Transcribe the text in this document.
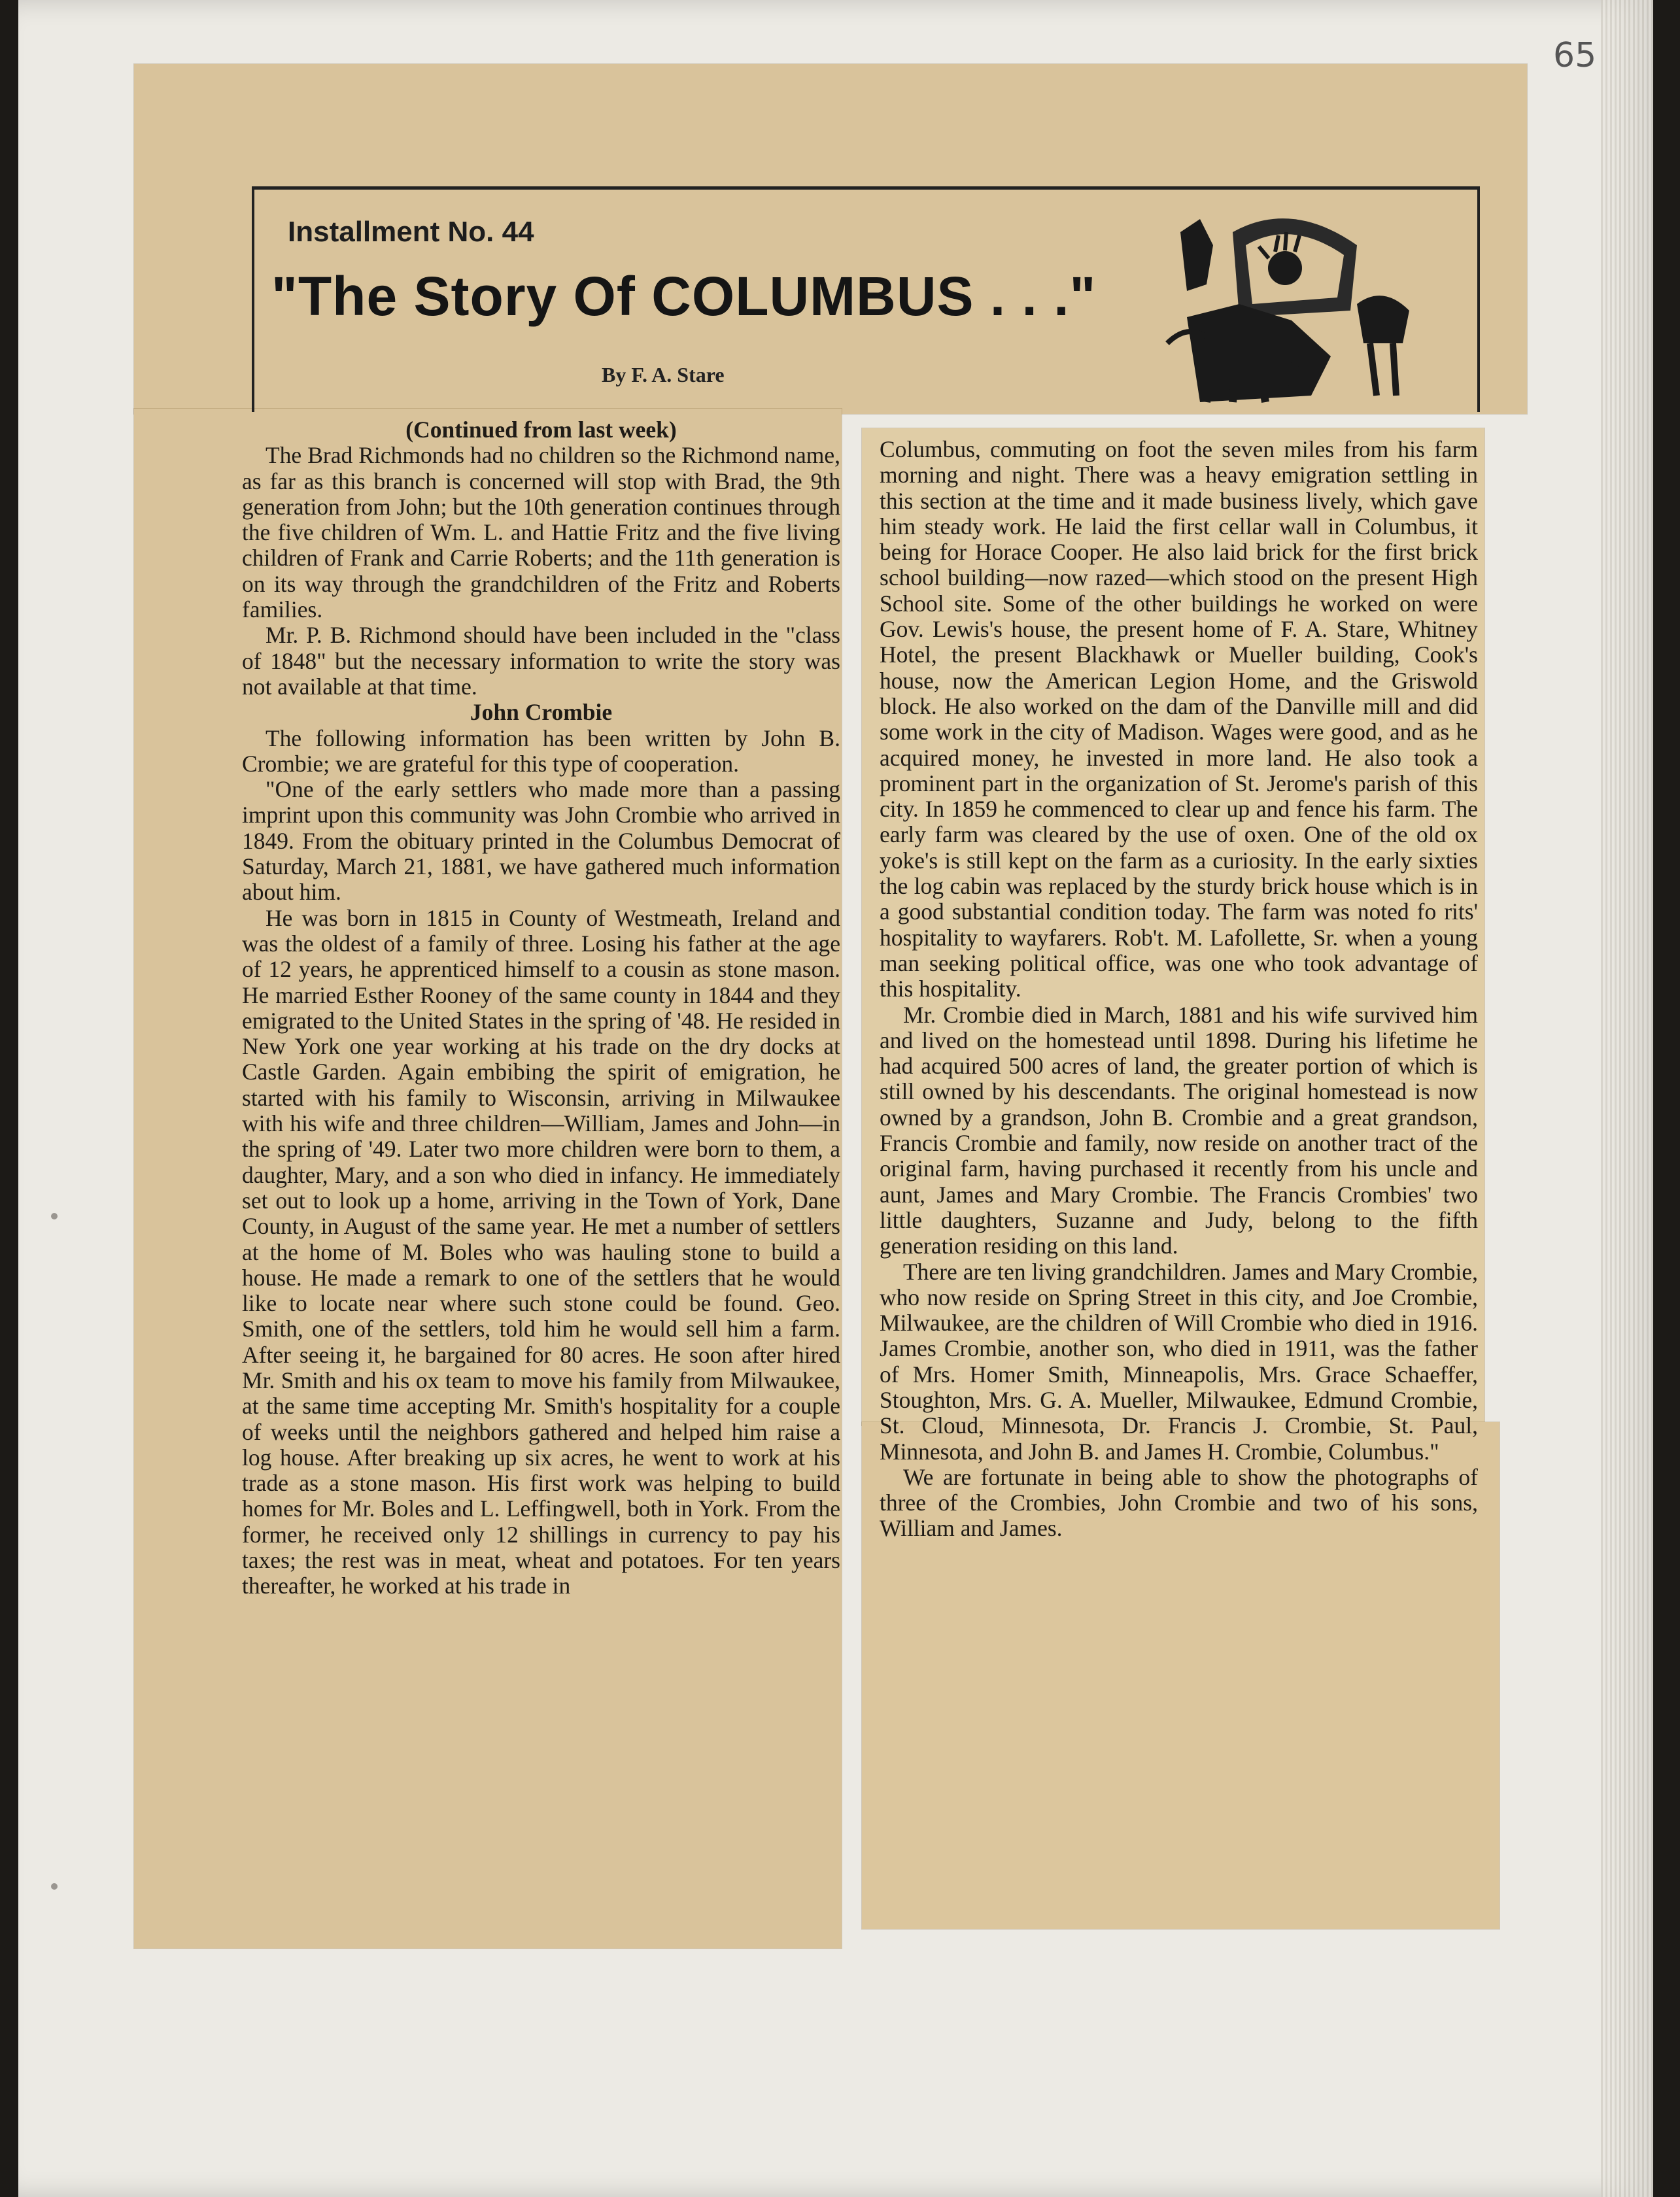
65
Installment No. 44
"The Story Of COLUMBUS . . ."
By F. A. Stare

(Continued from last week)

The Brad Richmonds had no children so the Richmond name, as far as this branch is concerned will stop with Brad, the 9th generation from John; but the 10th generation continues through the five children of Wm. L. and Hattie Fritz and the five living children of Frank and Carrie Roberts; and the 11th generation is on its way through the grandchildren of the Fritz and Roberts families.

Mr. P. B. Richmond should have been included in the "class of 1848" but the necessary information to write the story was not available at that time.

John Crombie

The following information has been written by John B. Crombie; we are grateful for this type of cooperation.

"One of the early settlers who made more than a passing imprint upon this community was John Crombie who arrived in 1849. From the obituary printed in the Columbus Democrat of Saturday, March 21, 1881, we have gathered much information about him.

He was born in 1815 in County of Westmeath, Ireland and was the oldest of a family of three. Losing his father at the age of 12 years, he apprenticed himself to a cousin as stone mason. He married Esther Rooney of the same county in 1844 and they emigrated to the United States in the spring of '48. He resided in New York one year working at his trade on the dry docks at Castle Garden. Again embibing the spirit of emigration, he started with his family to Wisconsin, arriving in Milwaukee with his wife and three children—William, James and John—in the spring of '49. Later two more children were born to them, a daughter, Mary, and a son who died in infancy. He immediately set out to look up a home, arriving in the Town of York, Dane County, in August of the same year. He met a number of settlers at the home of M. Boles who was hauling stone to build a house. He made a remark to one of the settlers that he would like to locate near where such stone could be found. Geo. Smith, one of the settlers, told him he would sell him a farm. After seeing it, he bargained for 80 acres. He soon after hired Mr. Smith and his ox team to move his family from Milwaukee, at the same time accepting Mr. Smith's hospitality for a couple of weeks until the neighbors gathered and helped him raise a log house. After breaking up six acres, he went to work at his trade as a stone mason. His first work was helping to build homes for Mr. Boles and L. Leffingwell, both in York. From the former, he received only 12 shillings in currency to pay his taxes; the rest was in meat, wheat and potatoes. For ten years thereafter, he worked at his trade in

Columbus, commuting on foot the seven miles from his farm morning and night. There was a heavy emigration settling in this section at the time and it made business lively, which gave him steady work. He laid the first cellar wall in Columbus, it being for Horace Cooper. He also laid brick for the first brick school building—now razed—which stood on the present High School site. Some of the other buildings he worked on were Gov. Lewis's house, the present home of F. A. Stare, Whitney Hotel, the present Blackhawk or Mueller building, Cook's house, now the American Legion Home, and the Griswold block. He also worked on the dam of the Danville mill and did some work in the city of Madison. Wages were good, and as he acquired money, he invested in more land. He also took a prominent part in the organization of St. Jerome's parish of this city. In 1859 he commenced to clear up and fence his farm. The early farm was cleared by the use of oxen. One of the old ox yoke's is still kept on the farm as a curiosity. In the early sixties the log cabin was replaced by the sturdy brick house which is in a good substantial condition today. The farm was noted fo rits' hospitality to wayfarers. Rob't. M. Lafollette, Sr. when a young man seeking political office, was one who took advantage of this hospitality.

Mr. Crombie died in March, 1881 and his wife survived him and lived on the homestead until 1898. During his lifetime he had acquired 500 acres of land, the greater portion of which is still owned by his descendants. The original homestead is now owned by a grandson, John B. Crombie and a great grandson, Francis Crombie and family, now reside on another tract of the original farm, having purchased it recently from his uncle and aunt, James and Mary Crombie. The Francis Crombies' two little daughters, Suzanne and Judy, belong to the fifth generation residing on this land.

There are ten living grandchildren. James and Mary Crombie, who now reside on Spring Street in this city, and Joe Crombie, Milwaukee, are the children of Will Crombie who died in 1916. James Crombie, another son, who died in 1911, was the father of Mrs. Homer Smith, Minneapolis, Mrs. Grace Schaeffer, Stoughton, Mrs. G. A. Mueller, Milwaukee, Edmund Crombie, St. Cloud, Minnesota, Dr. Francis J. Crombie, St. Paul, Minnesota, and John B. and James H. Crombie, Columbus."

We are fortunate in being able to show the photographs of three of the Crombies, John Crombie and two of his sons, William and James.
